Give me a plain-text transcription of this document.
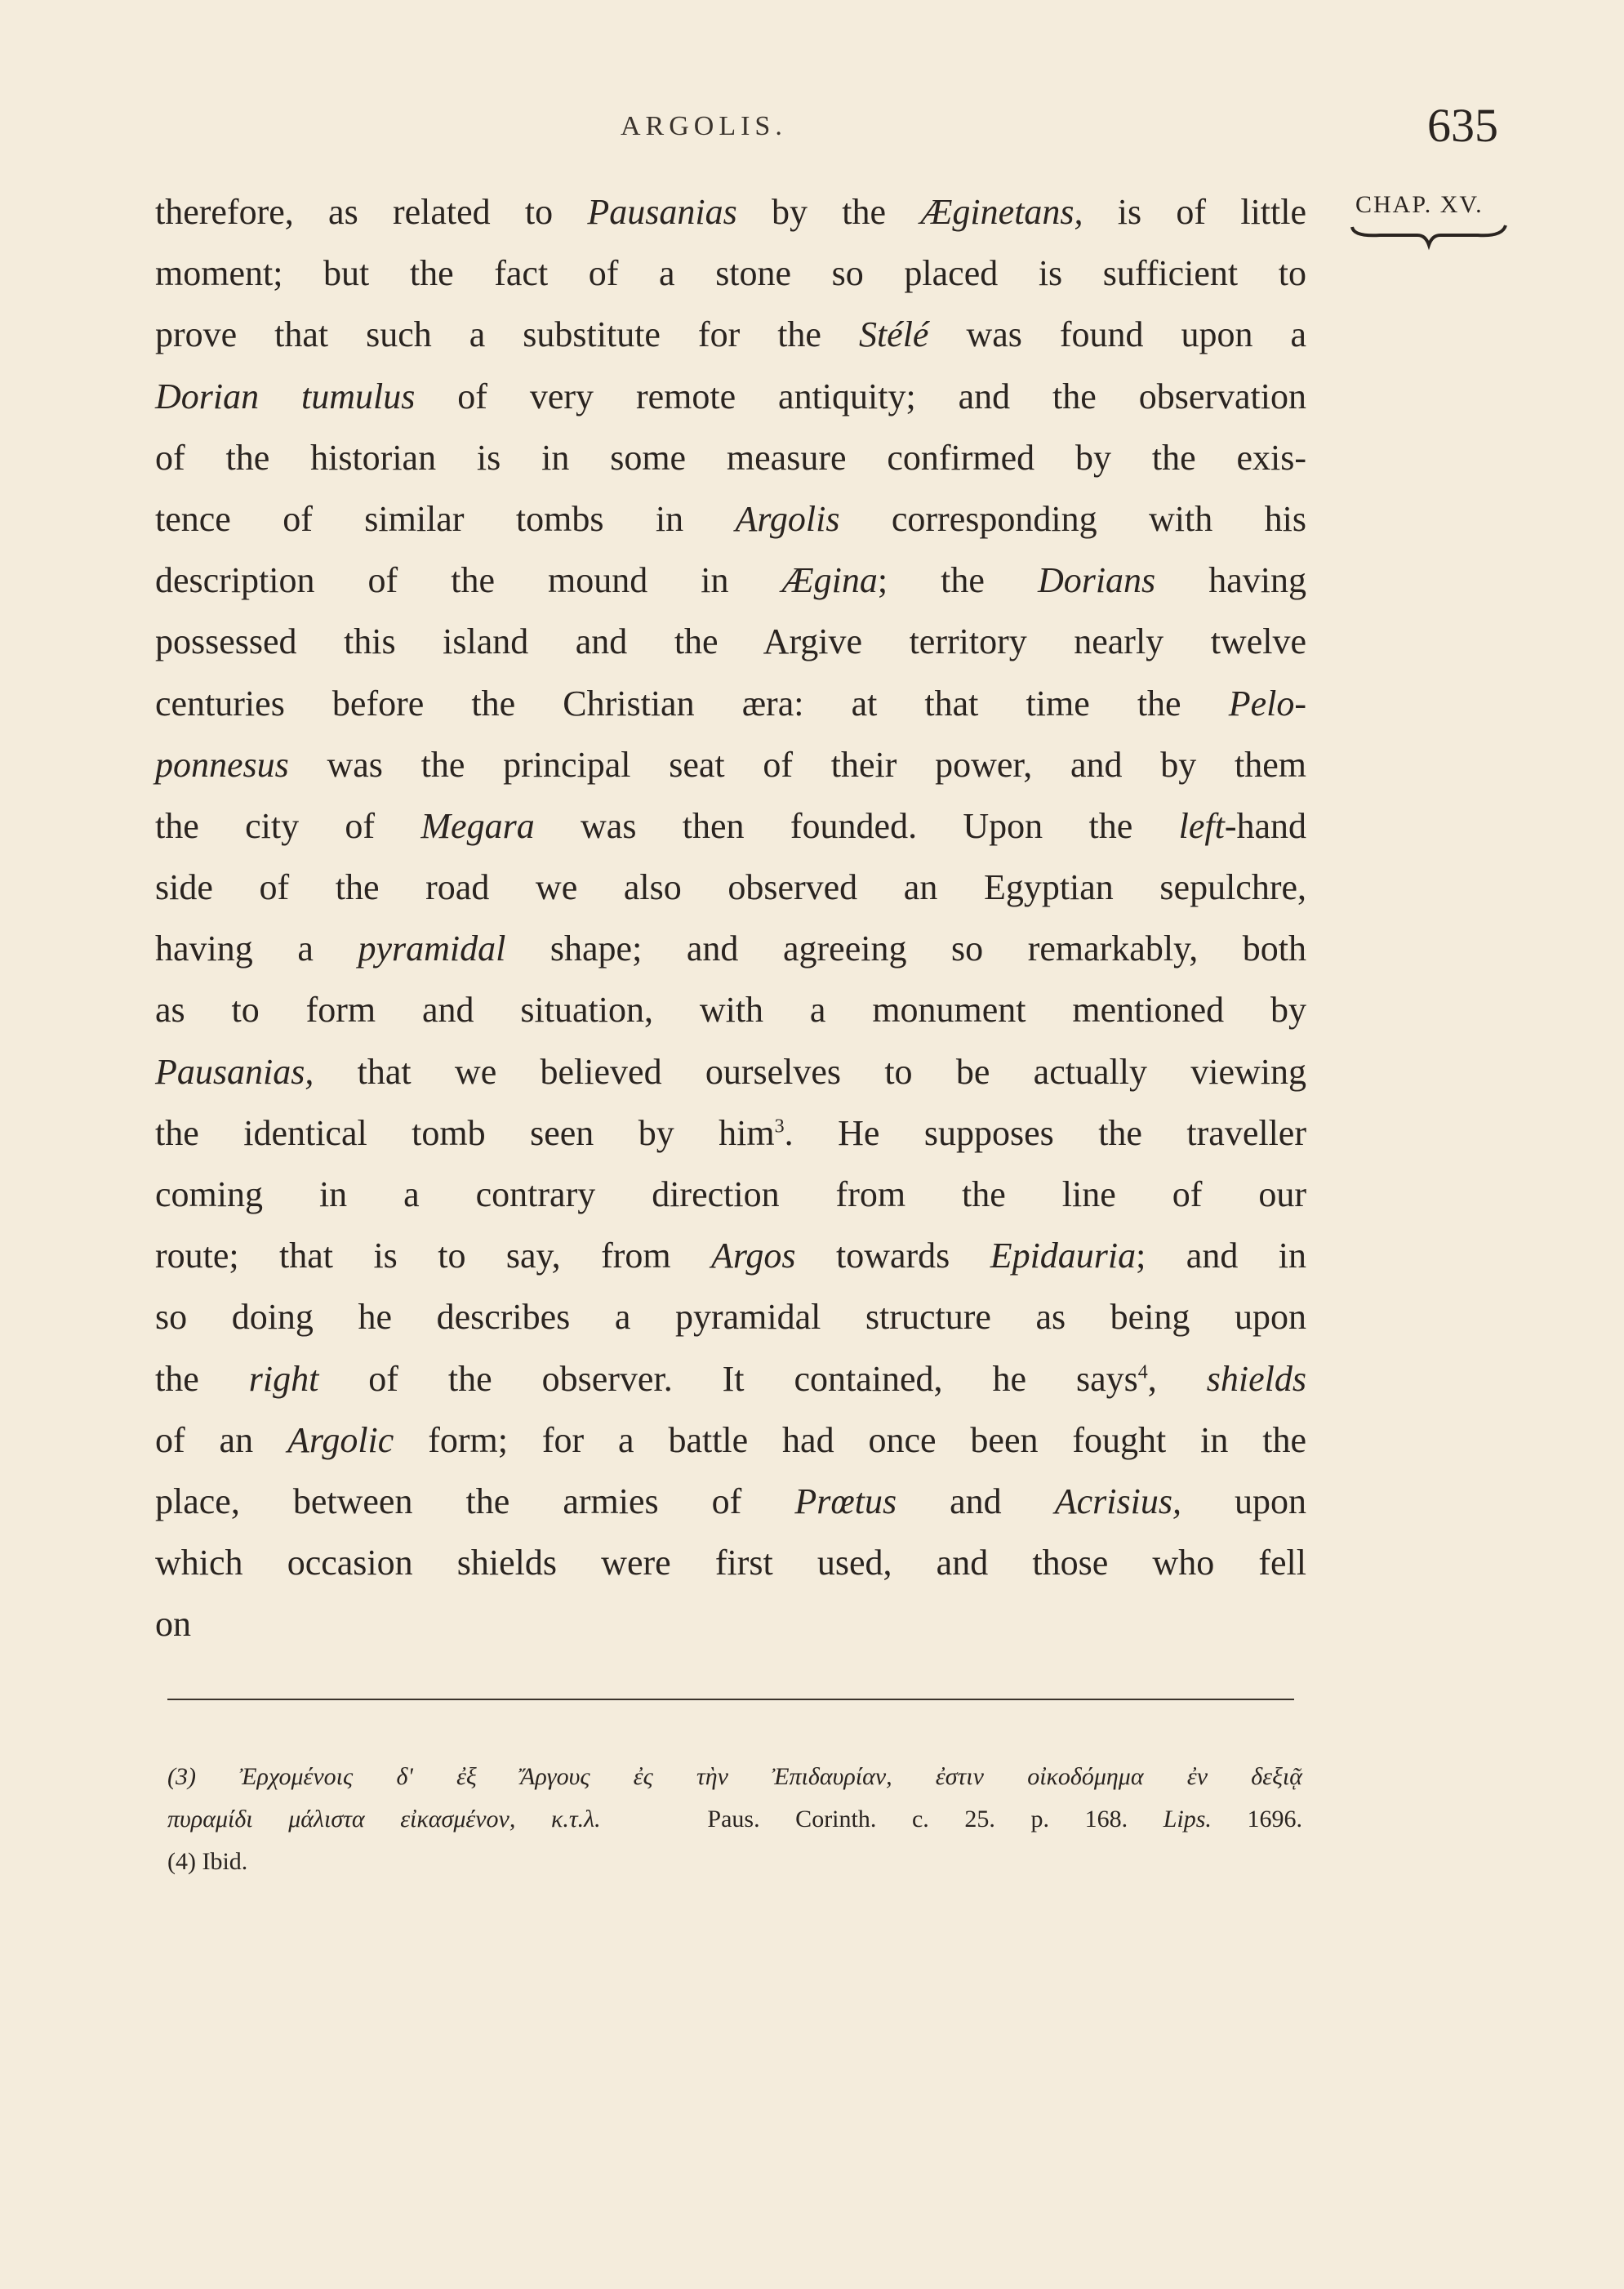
ARGOLIS.	635
CHAP. XV.
therefore, as related to Pausanias by the Æginetans, is of little
moment; but the fact of a stone so placed is sufficient to
prove that such a substitute for the Stélé was found upon a
Dorian tumulus of very remote antiquity; and the observation
of the historian is in some measure confirmed by the exis-
tence of similar tombs in Argolis corresponding with his
description of the mound in Ægina; the Dorians having
possessed this island and the Argive territory nearly twelve
centuries before the Christian æra: at that time the Pelo-
ponnesus was the principal seat of their power, and by them
the city of Megara was then founded. Upon the left-hand
side of the road we also observed an Egyptian sepulchre,
having a pyramidal shape; and agreeing so remarkably, both
as to form and situation, with a monument mentioned by
Pausanias, that we believed ourselves to be actually viewing
the identical tomb seen by him$^3$. He supposes the traveller
coming in a contrary direction from the line of our
route; that is to say, from Argos towards Epidauria; and in
so doing he describes a pyramidal structure as being upon
the right of the observer. It contained, he says$^4$, shields
of an Argolic form; for a battle had once been fought in the
place, between the armies of Prœtus and Acrisius, upon
which occasion shields were first used, and those who fell
on
(3) Ἐρχομένοις δ' ἐξ Ἄργους ἐς τὴν Ἐπιδαυρίαν, ἐστιν οἰκοδόμημα ἐν δεξιᾷ
πυραμίδι μάλιστα εἰκασμένον, κ.τ.λ.	Paus. Corinth. c. 25. p. 168. Lips. 1696.
(4) Ibid.
